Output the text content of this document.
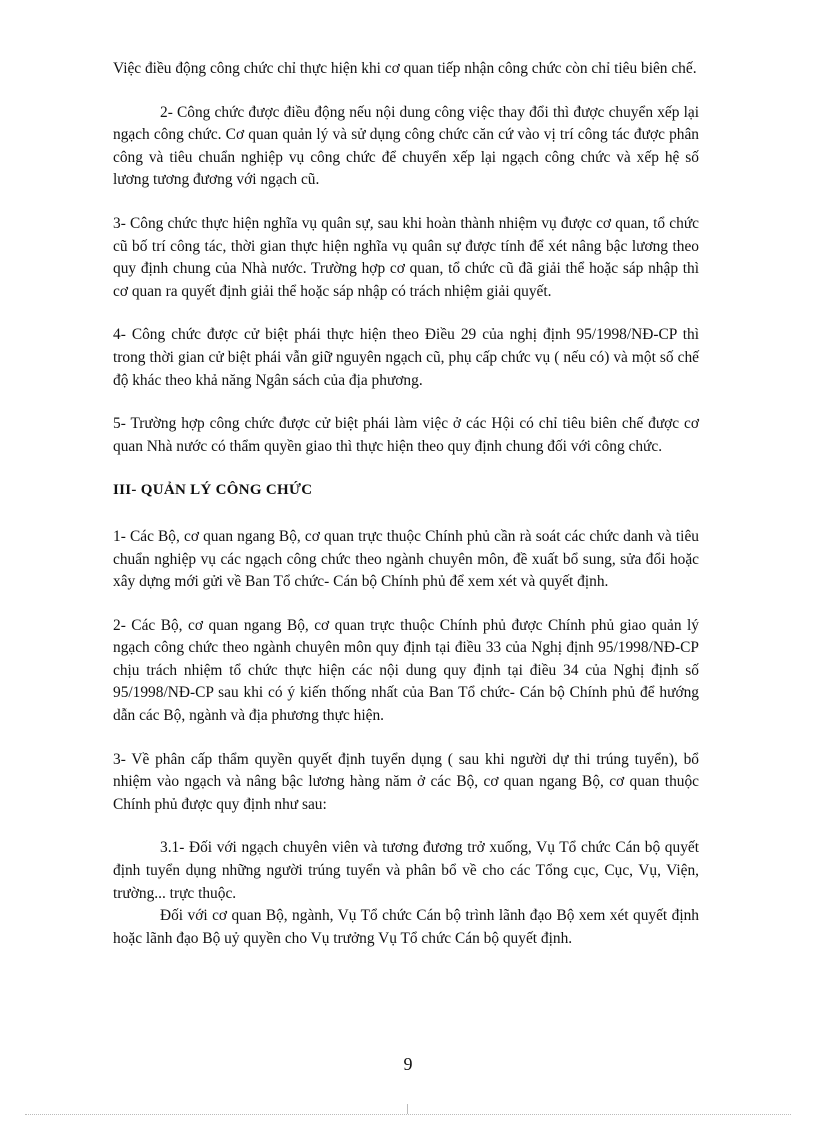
Việc điều động công chức chỉ thực hiện khi cơ quan tiếp nhận công chức còn chỉ tiêu biên chế.

2- Công chức được điều động nếu nội dung công việc thay đổi thì được chuyển xếp lại ngạch công chức. Cơ quan quản lý và sử dụng công chức căn cứ vào vị trí công tác được phân công và tiêu chuẩn nghiệp vụ công chức để chuyển xếp lại ngạch công chức và xếp hệ số lương tương đương với ngạch cũ.

3- Công chức thực hiện nghĩa vụ quân sự, sau khi hoàn thành nhiệm vụ được cơ quan, tổ chức cũ bố trí công tác, thời gian thực hiện nghĩa vụ quân sự được tính để xét nâng bậc lương theo quy định chung của Nhà nước. Trường hợp cơ quan, tổ chức cũ đã giải thể hoặc sáp nhập thì cơ quan ra quyết định giải thể hoặc sáp nhập có trách nhiệm giải quyết.

4- Công chức được cử biệt phái thực hiện theo Điều 29 của nghị định 95/1998/NĐ-CP thì trong thời gian cử biệt phái vẫn giữ nguyên ngạch cũ, phụ cấp chức vụ ( nếu có) và một số chế độ khác theo khả năng Ngân sách của địa phương.

5- Trường hợp công chức được cử biệt phái làm việc ở các Hội có chỉ tiêu biên chế được cơ quan Nhà nước có thẩm quyền giao thì thực hiện theo quy định chung đối với công chức.

III- QUẢN LÝ CÔNG CHỨC

1- Các Bộ, cơ quan ngang Bộ, cơ quan trực thuộc Chính phủ cần rà soát các chức danh và tiêu chuẩn nghiệp vụ các ngạch công chức theo ngành chuyên môn, đề xuất bổ sung, sửa đổi hoặc xây dựng mới gửi về Ban Tổ chức- Cán bộ Chính phủ để xem xét và quyết định.

2- Các Bộ, cơ quan ngang Bộ, cơ quan trực thuộc Chính phủ được Chính phủ giao quản lý ngạch công chức theo ngành chuyên môn quy định tại điều 33 của Nghị định 95/1998/NĐ-CP chịu trách nhiệm tổ chức thực hiện các nội dung quy định tại điều 34 của Nghị định số 95/1998/NĐ-CP sau khi có ý kiến thống nhất của Ban Tổ chức- Cán bộ Chính phủ để hướng dẫn các Bộ, ngành và địa phương thực hiện.

3- Về phân cấp thẩm quyền quyết định tuyển dụng ( sau khi người dự thi trúng tuyển), bổ nhiệm vào ngạch và nâng bậc lương hàng năm ở các Bộ, cơ quan ngang Bộ, cơ quan thuộc Chính phủ được quy định như sau:

3.1- Đối với ngạch chuyên viên và tương đương trở xuống, Vụ Tổ chức Cán bộ quyết định tuyển dụng những người trúng tuyển và phân bổ về cho các Tổng cục, Cục, Vụ, Viện, trường... trực thuộc.

Đối với cơ quan Bộ, ngành, Vụ Tổ chức Cán bộ trình lãnh đạo Bộ xem xét quyết định hoặc lãnh đạo Bộ uỷ quyền cho Vụ trưởng Vụ Tổ chức Cán bộ quyết định.

9
